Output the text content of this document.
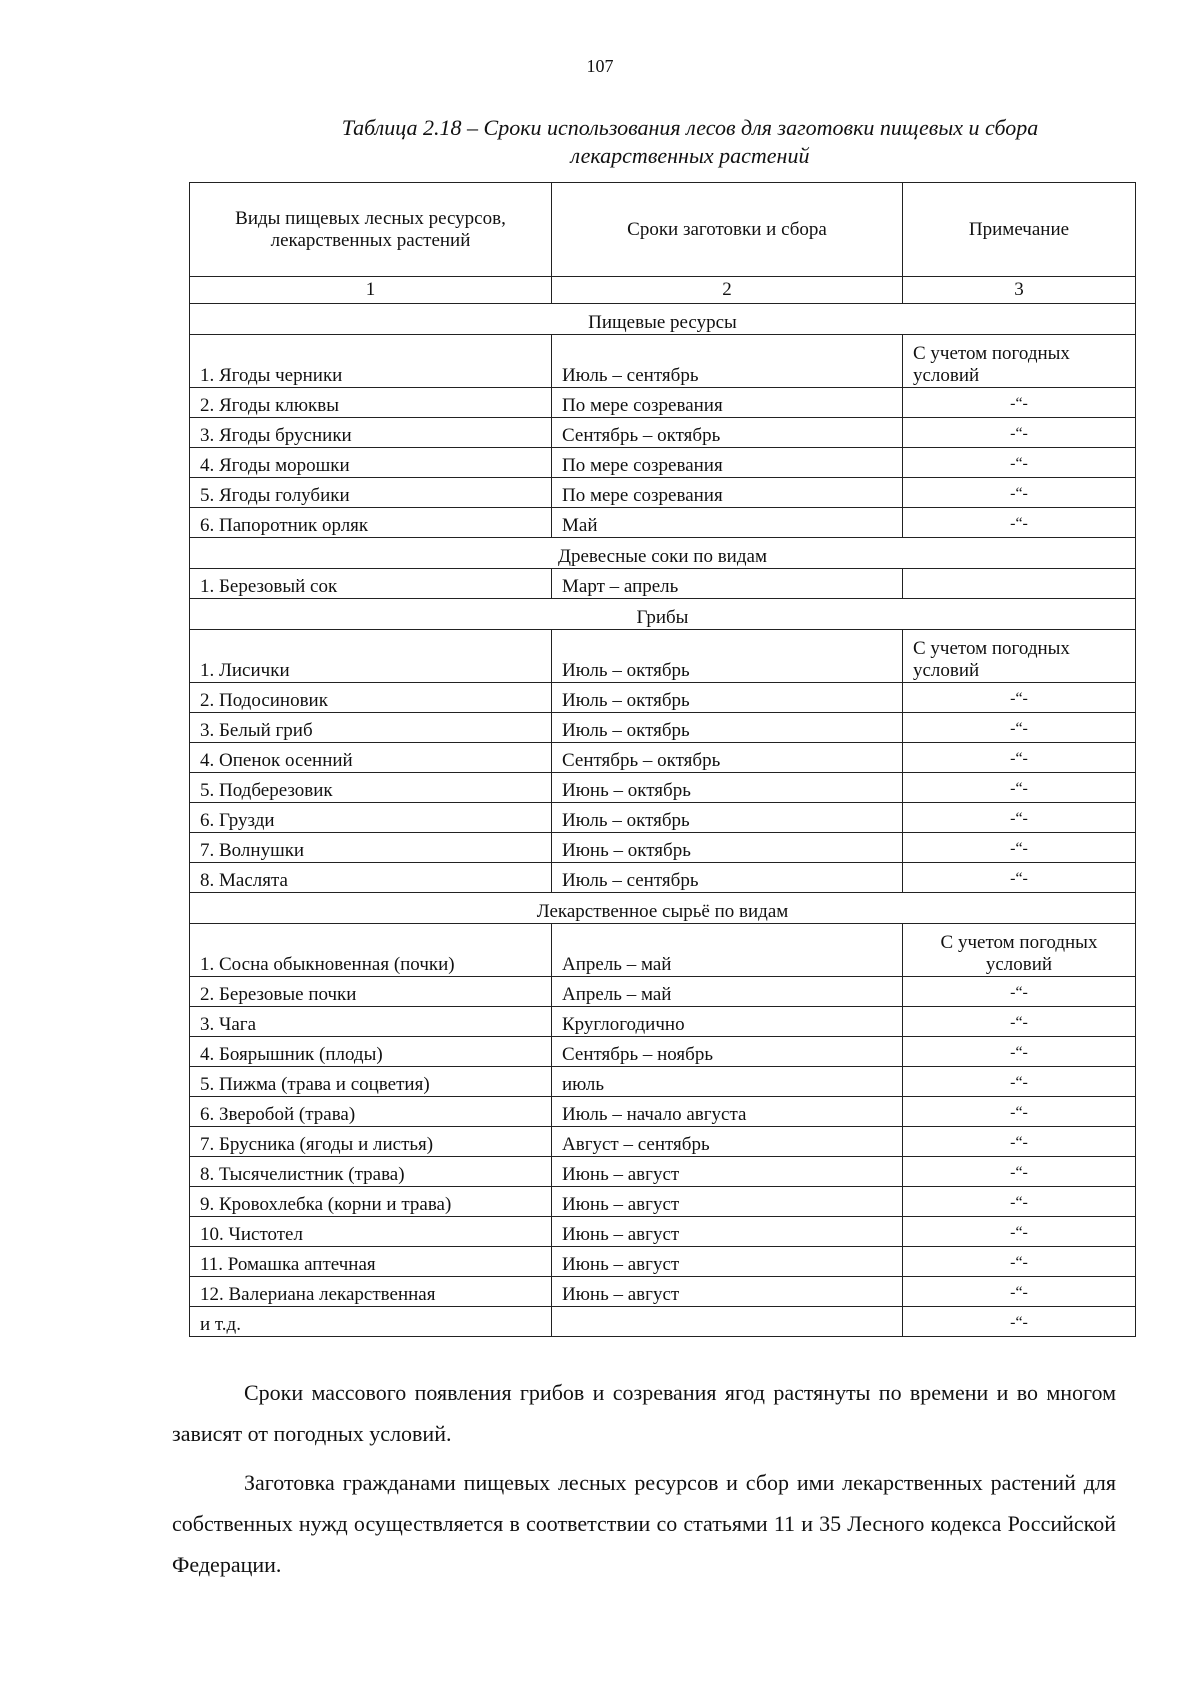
107
Таблица 2.18 – Сроки использования лесов для заготовки пищевых и сбора
лекарственных растений
Виды пищевых лесных ресурсов, лекарственных растений	Сроки заготовки и сбора	Примечание
1	2	3
Пищевые ресурсы		
1. Ягоды черники	Июль – сентябрь	С учетом погодных условий
2. Ягоды клюквы	По мере созревания	-“-
3. Ягоды брусники	Сентябрь – октябрь	-“-
4. Ягоды морошки	По мере созревания	-“-
5. Ягоды голубики	По мере созревания	-“-
6. Папоротник орляк	Май	-“-
Древесные соки по видам		
1. Березовый сок	Март – апрель	
Грибы		
1. Лисички	Июль – октябрь	С учетом погодных условий
2. Подосиновик	Июль – октябрь	-“-
3. Белый гриб	Июль – октябрь	-“-
4. Опенок осенний	Сентябрь – октябрь	-“-
5. Подберезовик	Июнь – октябрь	-“-
6. Грузди	Июль – октябрь	-“-
7. Волнушки	Июнь – октябрь	-“-
8. Маслята	Июль – сентябрь	-“-
Лекарственное сырьё по видам		
1. Сосна обыкновенная (почки)	Апрель – май	С учетом погодных условий
2. Березовые почки	Апрель – май	-“-
3. Чага	Круглогодично	-“-
4. Боярышник (плоды)	Сентябрь – ноябрь	-“-
5. Пижма (трава и соцветия)	июль	-“-
6. Зверобой (трава)	Июль – начало августа	-“-
7. Брусника (ягоды и листья)	Август – сентябрь	-“-
8. Тысячелистник (трава)	Июнь – август	-“-
9. Кровохлебка (корни и трава)	Июнь – август	-“-
10. Чистотел	Июнь – август	-“-
11. Ромашка аптечная	Июнь – август	-“-
12. Валериана лекарственная	Июнь – август	-“-
и т.д.		-“-

Сроки массового появления грибов и созревания ягод растянуты по времени и во многом зависят от погодных условий.

Заготовка гражданами пищевых лесных ресурсов и сбор ими лекарственных растений для собственных нужд осуществляется в соответствии со статьями 11 и 35 Лесного кодекса Российской Федерации.
